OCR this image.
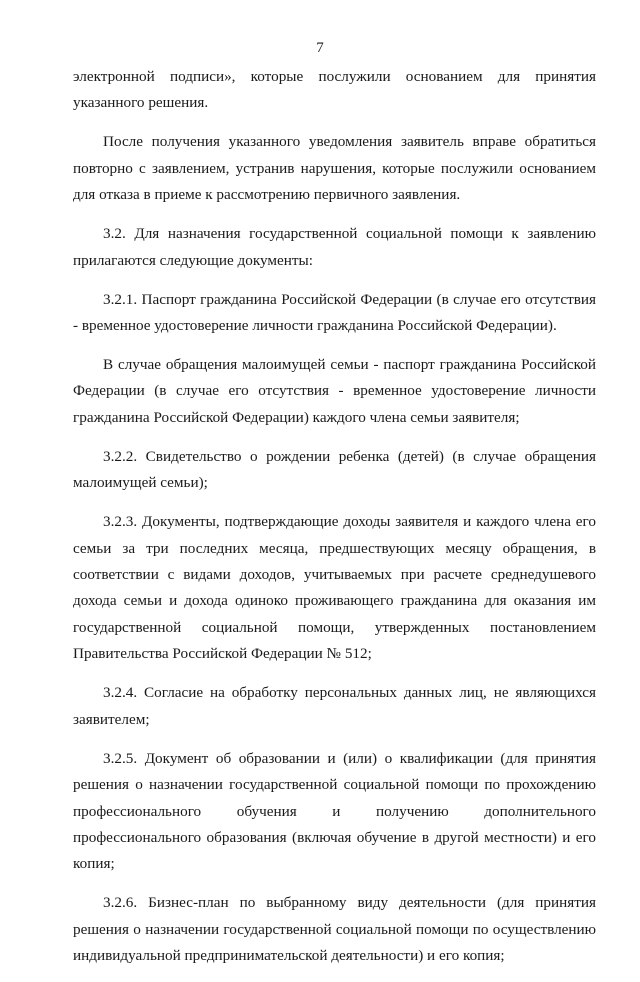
7

электронной подписи», которые послужили основанием для принятия указанного решения.

После получения указанного уведомления заявитель вправе обратиться повторно с заявлением, устранив нарушения, которые послужили основанием для отказа в приеме к рассмотрению первичного заявления.

3.2. Для назначения государственной социальной помощи к заявлению прилагаются следующие документы:

3.2.1. Паспорт гражданина Российской Федерации (в случае его отсутствия - временное удостоверение личности гражданина Российской Федерации).

В случае обращения малоимущей семьи - паспорт гражданина Российской Федерации (в случае его отсутствия - временное удостоверение личности гражданина Российской Федерации) каждого члена семьи заявителя;

3.2.2. Свидетельство о рождении ребенка (детей) (в случае обращения малоимущей семьи);

3.2.3. Документы, подтверждающие доходы заявителя и каждого члена его семьи за три последних месяца, предшествующих месяцу обращения, в соответствии с видами доходов, учитываемых при расчете среднедушевого дохода семьи и дохода одиноко проживающего гражданина для оказания им государственной социальной помощи, утвержденных постановлением Правительства Российской Федерации № 512;

3.2.4. Согласие на обработку персональных данных лиц, не являющихся заявителем;

3.2.5. Документ об образовании и (или) о квалификации (для принятия решения о назначении государственной социальной помощи по прохождению профессионального обучения и получению дополнительного профессионального образования (включая обучение в другой местности) и его копия;

3.2.6. Бизнес-план по выбранному виду деятельности (для принятия решения о назначении государственной социальной помощи по осуществлению индивидуальной предпринимательской деятельности) и его копия;
